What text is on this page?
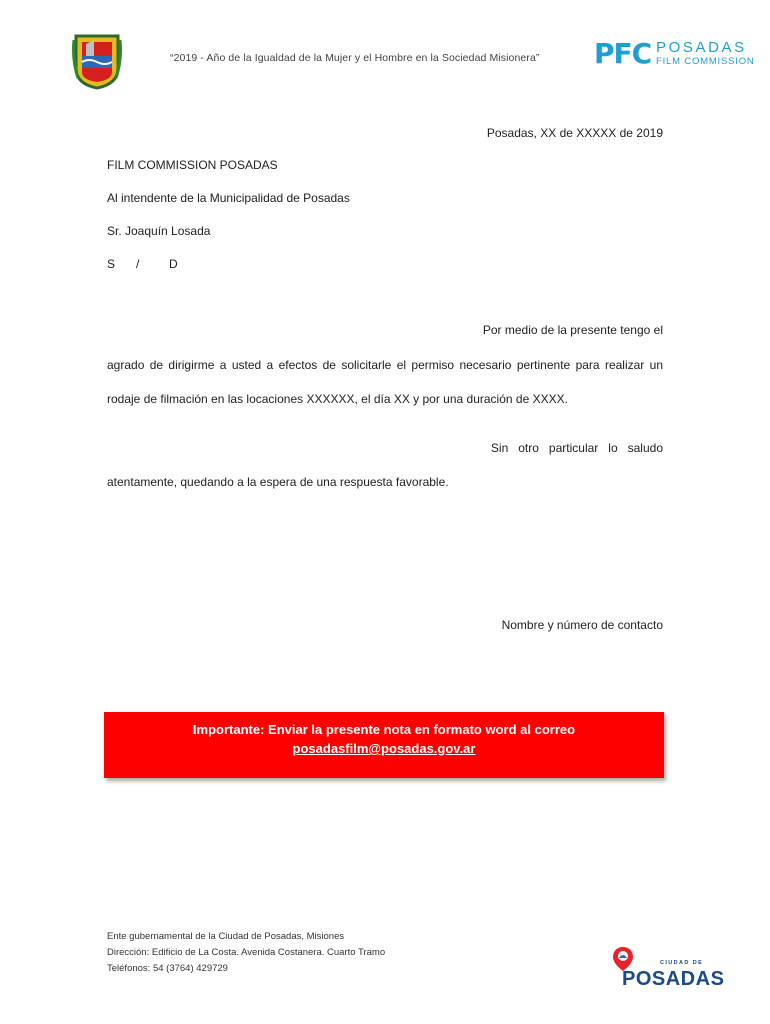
“2019 - Año de la Igualdad de la Mujer y el Hombre en la Sociedad Misionera” PFC POSADAS
FILM COMMISSION
Posadas, XX de XXXXX de 2019
FILM COMMISSION POSADAS
Al intendente de la Municipalidad de Posadas
Sr. Joaquín Losada
S / D
Por medio de la presente tengo el
agrado de dirigirme a usted a efectos de solicitarle el permiso necesario pertinente para realizar un
rodaje de filmación en las locaciones XXXXXX, el día XX y por una duración de XXXX.
Sin   otro   particular   lo   saludo
atentamente, quedando a la espera de una respuesta favorable.
Nombre y número de contacto
Importante: Enviar la presente nota en formato word al correo
posadasfilm@posadas.gov.ar
Ente gubernamental de la Ciudad de Posadas, Misiones
Dirección: Edificio de La Costa. Avenida Costanera. Cuarto Tramo
Teléfonos: 54 (3764) 429729	CIUDAD DE
POSADAS
